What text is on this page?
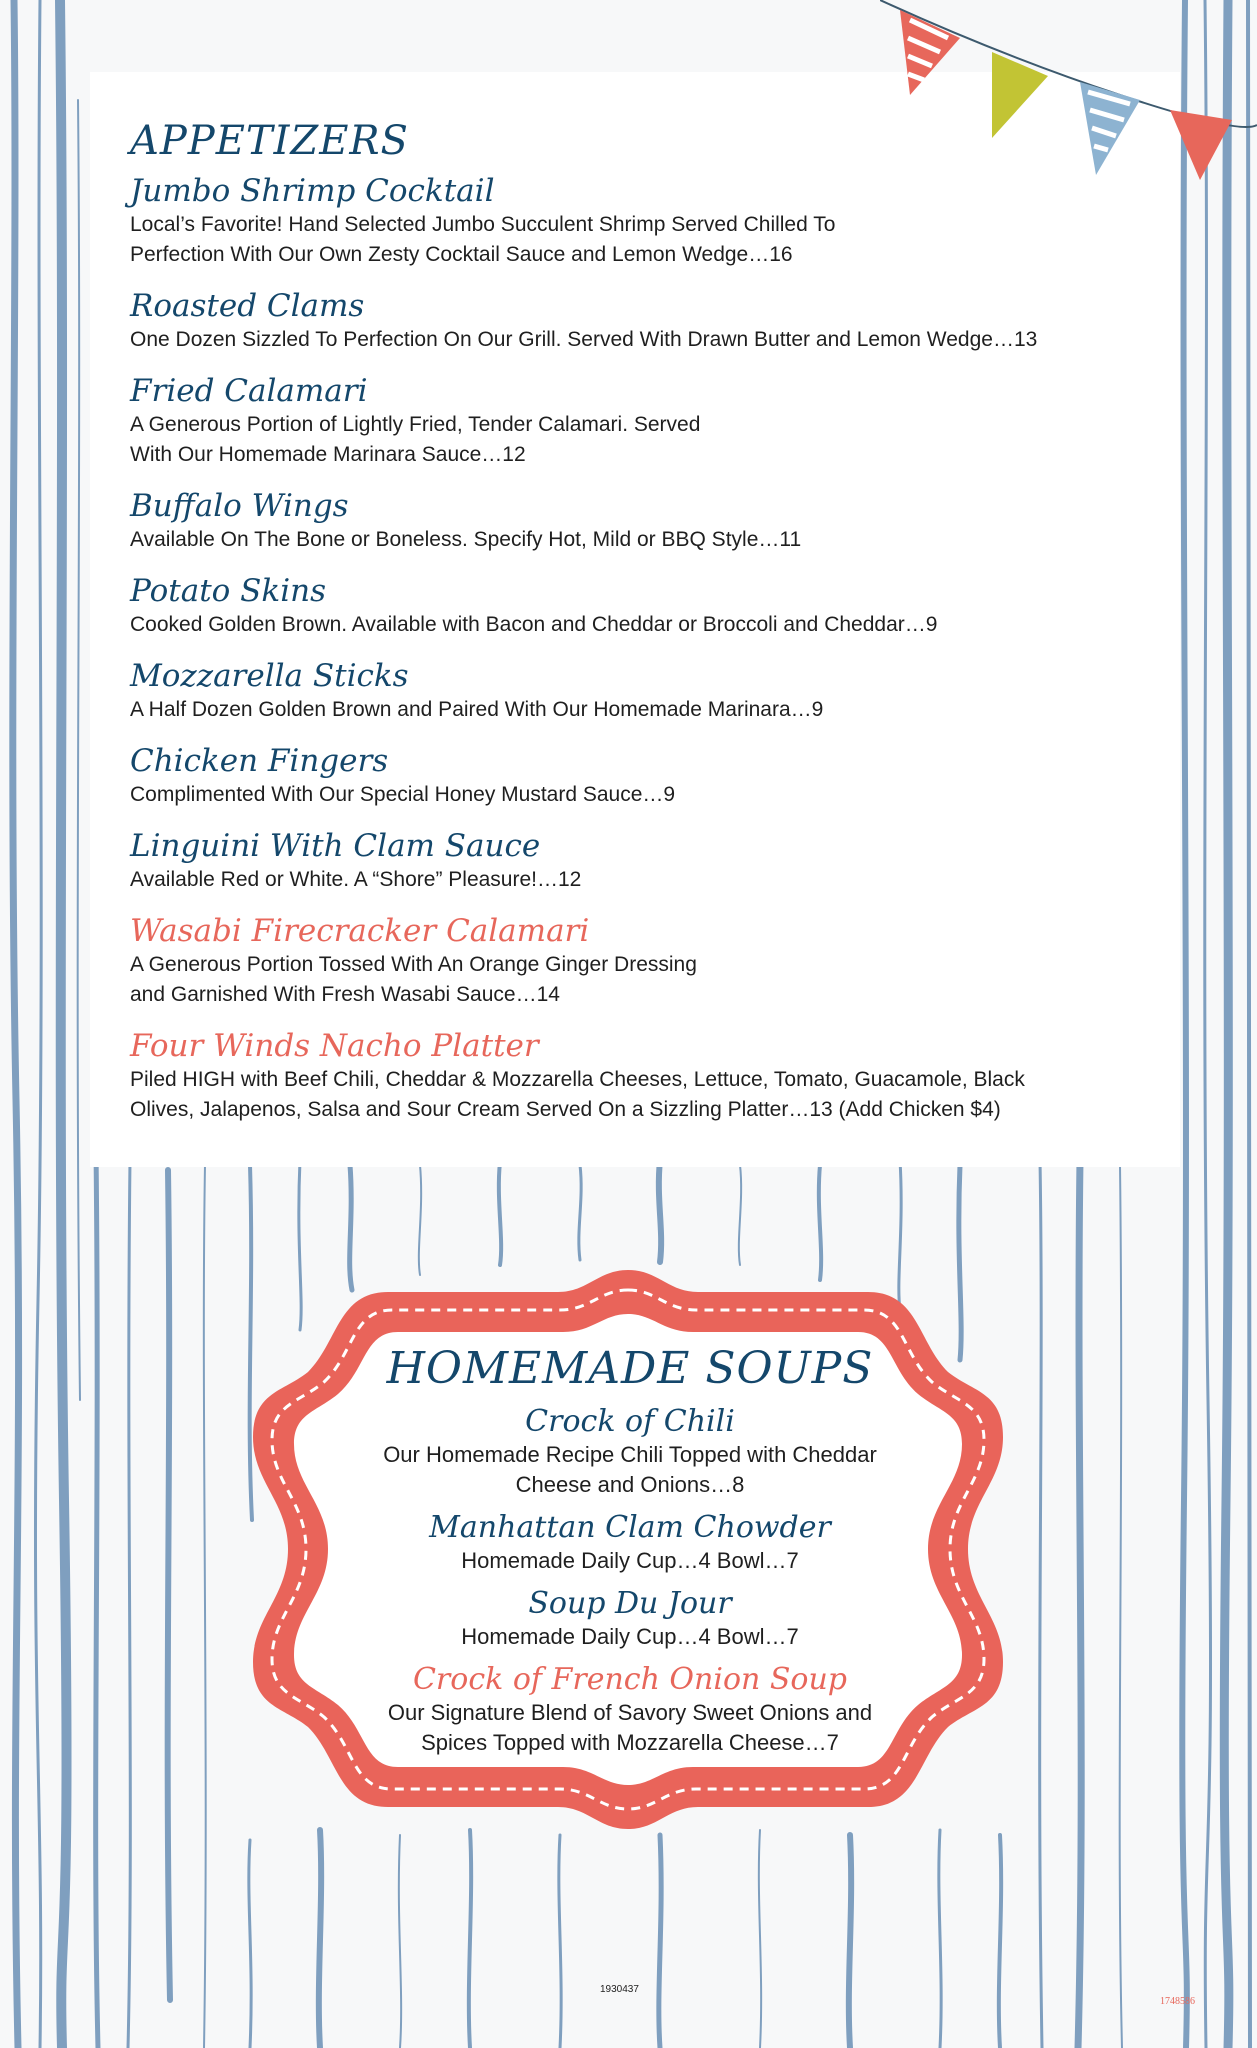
APPETIZERS
Jumbo Shrimp Cocktail
Local’s Favorite! Hand Selected Jumbo Succulent Shrimp Served Chilled To
Perfection With Our Own Zesty Cocktail Sauce and Lemon Wedge…16
Roasted Clams
One Dozen Sizzled To Perfection On Our Grill. Served With Drawn Butter and Lemon Wedge…13
Fried Calamari
A Generous Portion of Lightly Fried, Tender Calamari. Served
With Our Homemade Marinara Sauce…12
Buffalo Wings
Available On The Bone or Boneless. Specify Hot, Mild or BBQ Style…11
Potato Skins
Cooked Golden Brown. Available with Bacon and Cheddar or Broccoli and Cheddar…9
Mozzarella Sticks
A Half Dozen Golden Brown and Paired With Our Homemade Marinara…9
Chicken Fingers
Complimented With Our Special Honey Mustard Sauce…9
Linguini With Clam Sauce
Available Red or White. A “Shore” Pleasure!…12
Wasabi Firecracker Calamari
A Generous Portion Tossed With An Orange Ginger Dressing
and Garnished With Fresh Wasabi Sauce…14
Four Winds Nacho Platter
Piled HIGH with Beef Chili, Cheddar & Mozzarella Cheeses, Lettuce, Tomato, Guacamole, Black
Olives, Jalapenos, Salsa and Sour Cream Served On a Sizzling Platter…13 (Add Chicken $4)
HOMEMADE SOUPS
Crock of Chili
Our Homemade Recipe Chili Topped with Cheddar
Cheese and Onions…8
Manhattan Clam Chowder
Homemade Daily Cup…4 Bowl…7
Soup Du Jour
Homemade Daily Cup…4 Bowl…7
Crock of French Onion Soup
Our Signature Blend of Savory Sweet Onions and
Spices Topped with Mozzarella Cheese…7
1930437
1748586
